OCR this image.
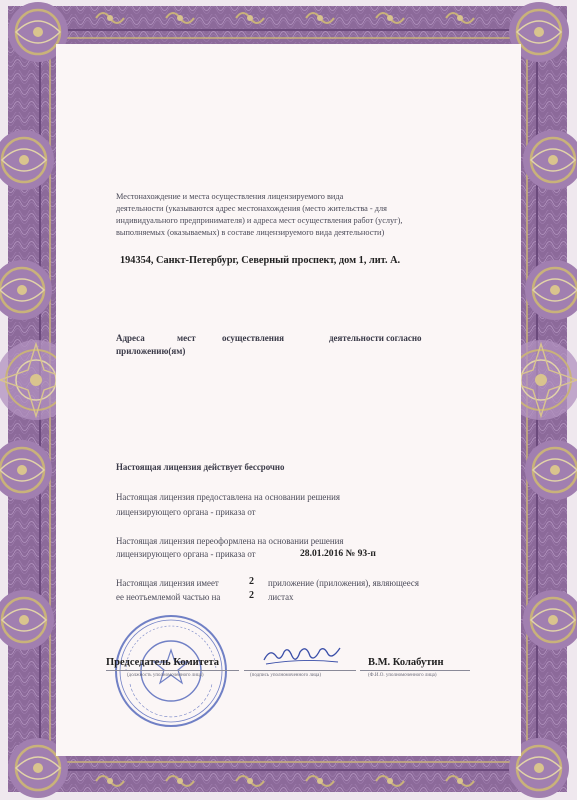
Местонахождение и места осуществления лицензируемого вида
деятельности (указываются адрес местонахождения (место жительства - для
индивидуального предпринимателя) и адреса мест осуществления работ (услуг),
выполняемых (оказываемых) в составе лицензируемого вида деятельности)
194354, Санкт-Петербург, Северный проспект, дом 1, лит. А.
Адреса	мест	осуществления	деятельности согласно
приложению(ям)
Настоящая лицензия действует бессрочно
Настоящая лицензия предоставлена на основании решения
лицензирующего органа - приказа от
Настоящая лицензия переоформлена на основании решения
лицензирующего органа - приказа от	28.01.2016 № 93-п
Настоящая лицензия имеет	2 приложение (приложения), являющееся
ее неотъемлемой частью на	2 листах
Председатель Комитета
(должность уполномоченного лица)	(подпись уполномоченного лица)
В.М. Колабутин
(Ф.И.О. уполномоченного лица)
